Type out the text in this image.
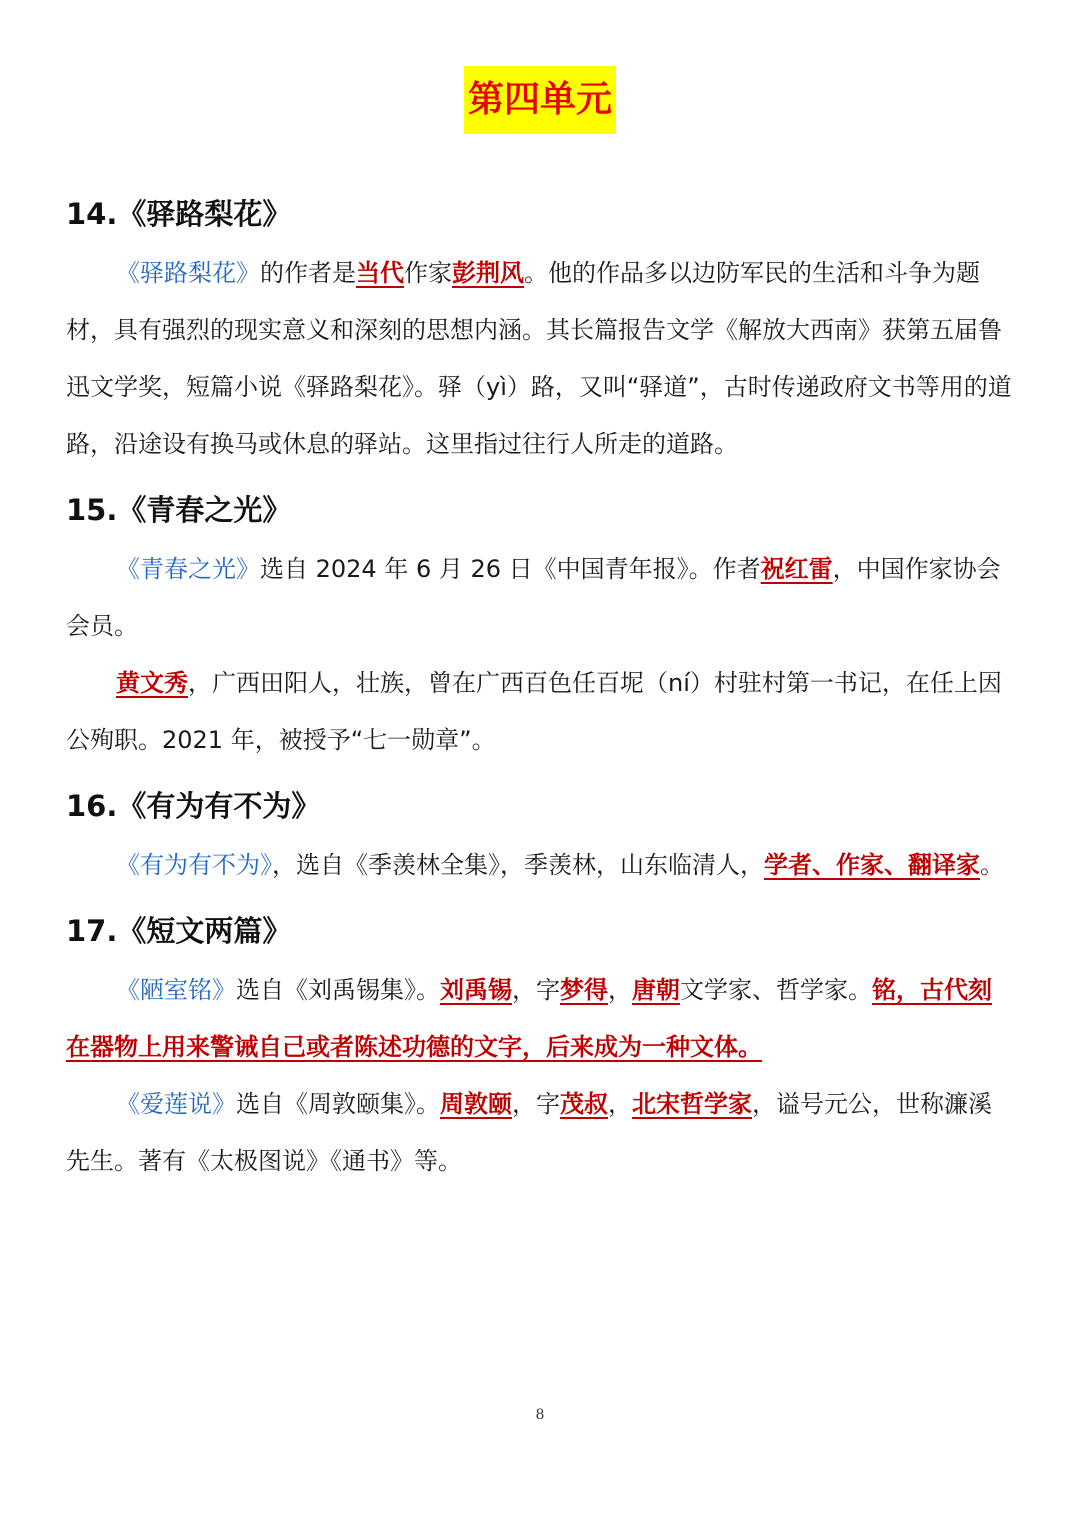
第四单元

14.《驿路梨花》

《驿路梨花》的作者是当代作家彭荆风。他的作品多以边防军民的生活和斗争为题材，具有强烈的现实意义和深刻的思想内涵。其长篇报告文学《解放大西南》获第五届鲁迅文学奖，短篇小说《驿路梨花》。驿（yì）路，又叫“驿道”，古时传递政府文书等用的道路，沿途设有换马或休息的驿站。这里指过往行人所走的道路。

15.《青春之光》

《青春之光》选自 2024 年 6 月 26 日《中国青年报》。作者祝红雷，中国作家协会会员。

黄文秀，广西田阳人，壮族，曾在广西百色任百坭（ní）村驻村第一书记，在任上因公殉职。2021 年，被授予“七一勋章”。

16.《有为有不为》

《有为有不为》，选自《季羡林全集》，季羡林，山东临清人，学者、作家、翻译家。

17.《短文两篇》

《陋室铭》选自《刘禹锡集》。刘禹锡，字梦得，唐朝文学家、哲学家。铭，古代刻在器物上用来警诫自己或者陈述功德的文字，后来成为一种文体。

《爱莲说》选自《周敦颐集》。周敦颐，字茂叔，北宋哲学家，谥号元公，世称濂溪先生。著有《太极图说》《通书》等。

8
